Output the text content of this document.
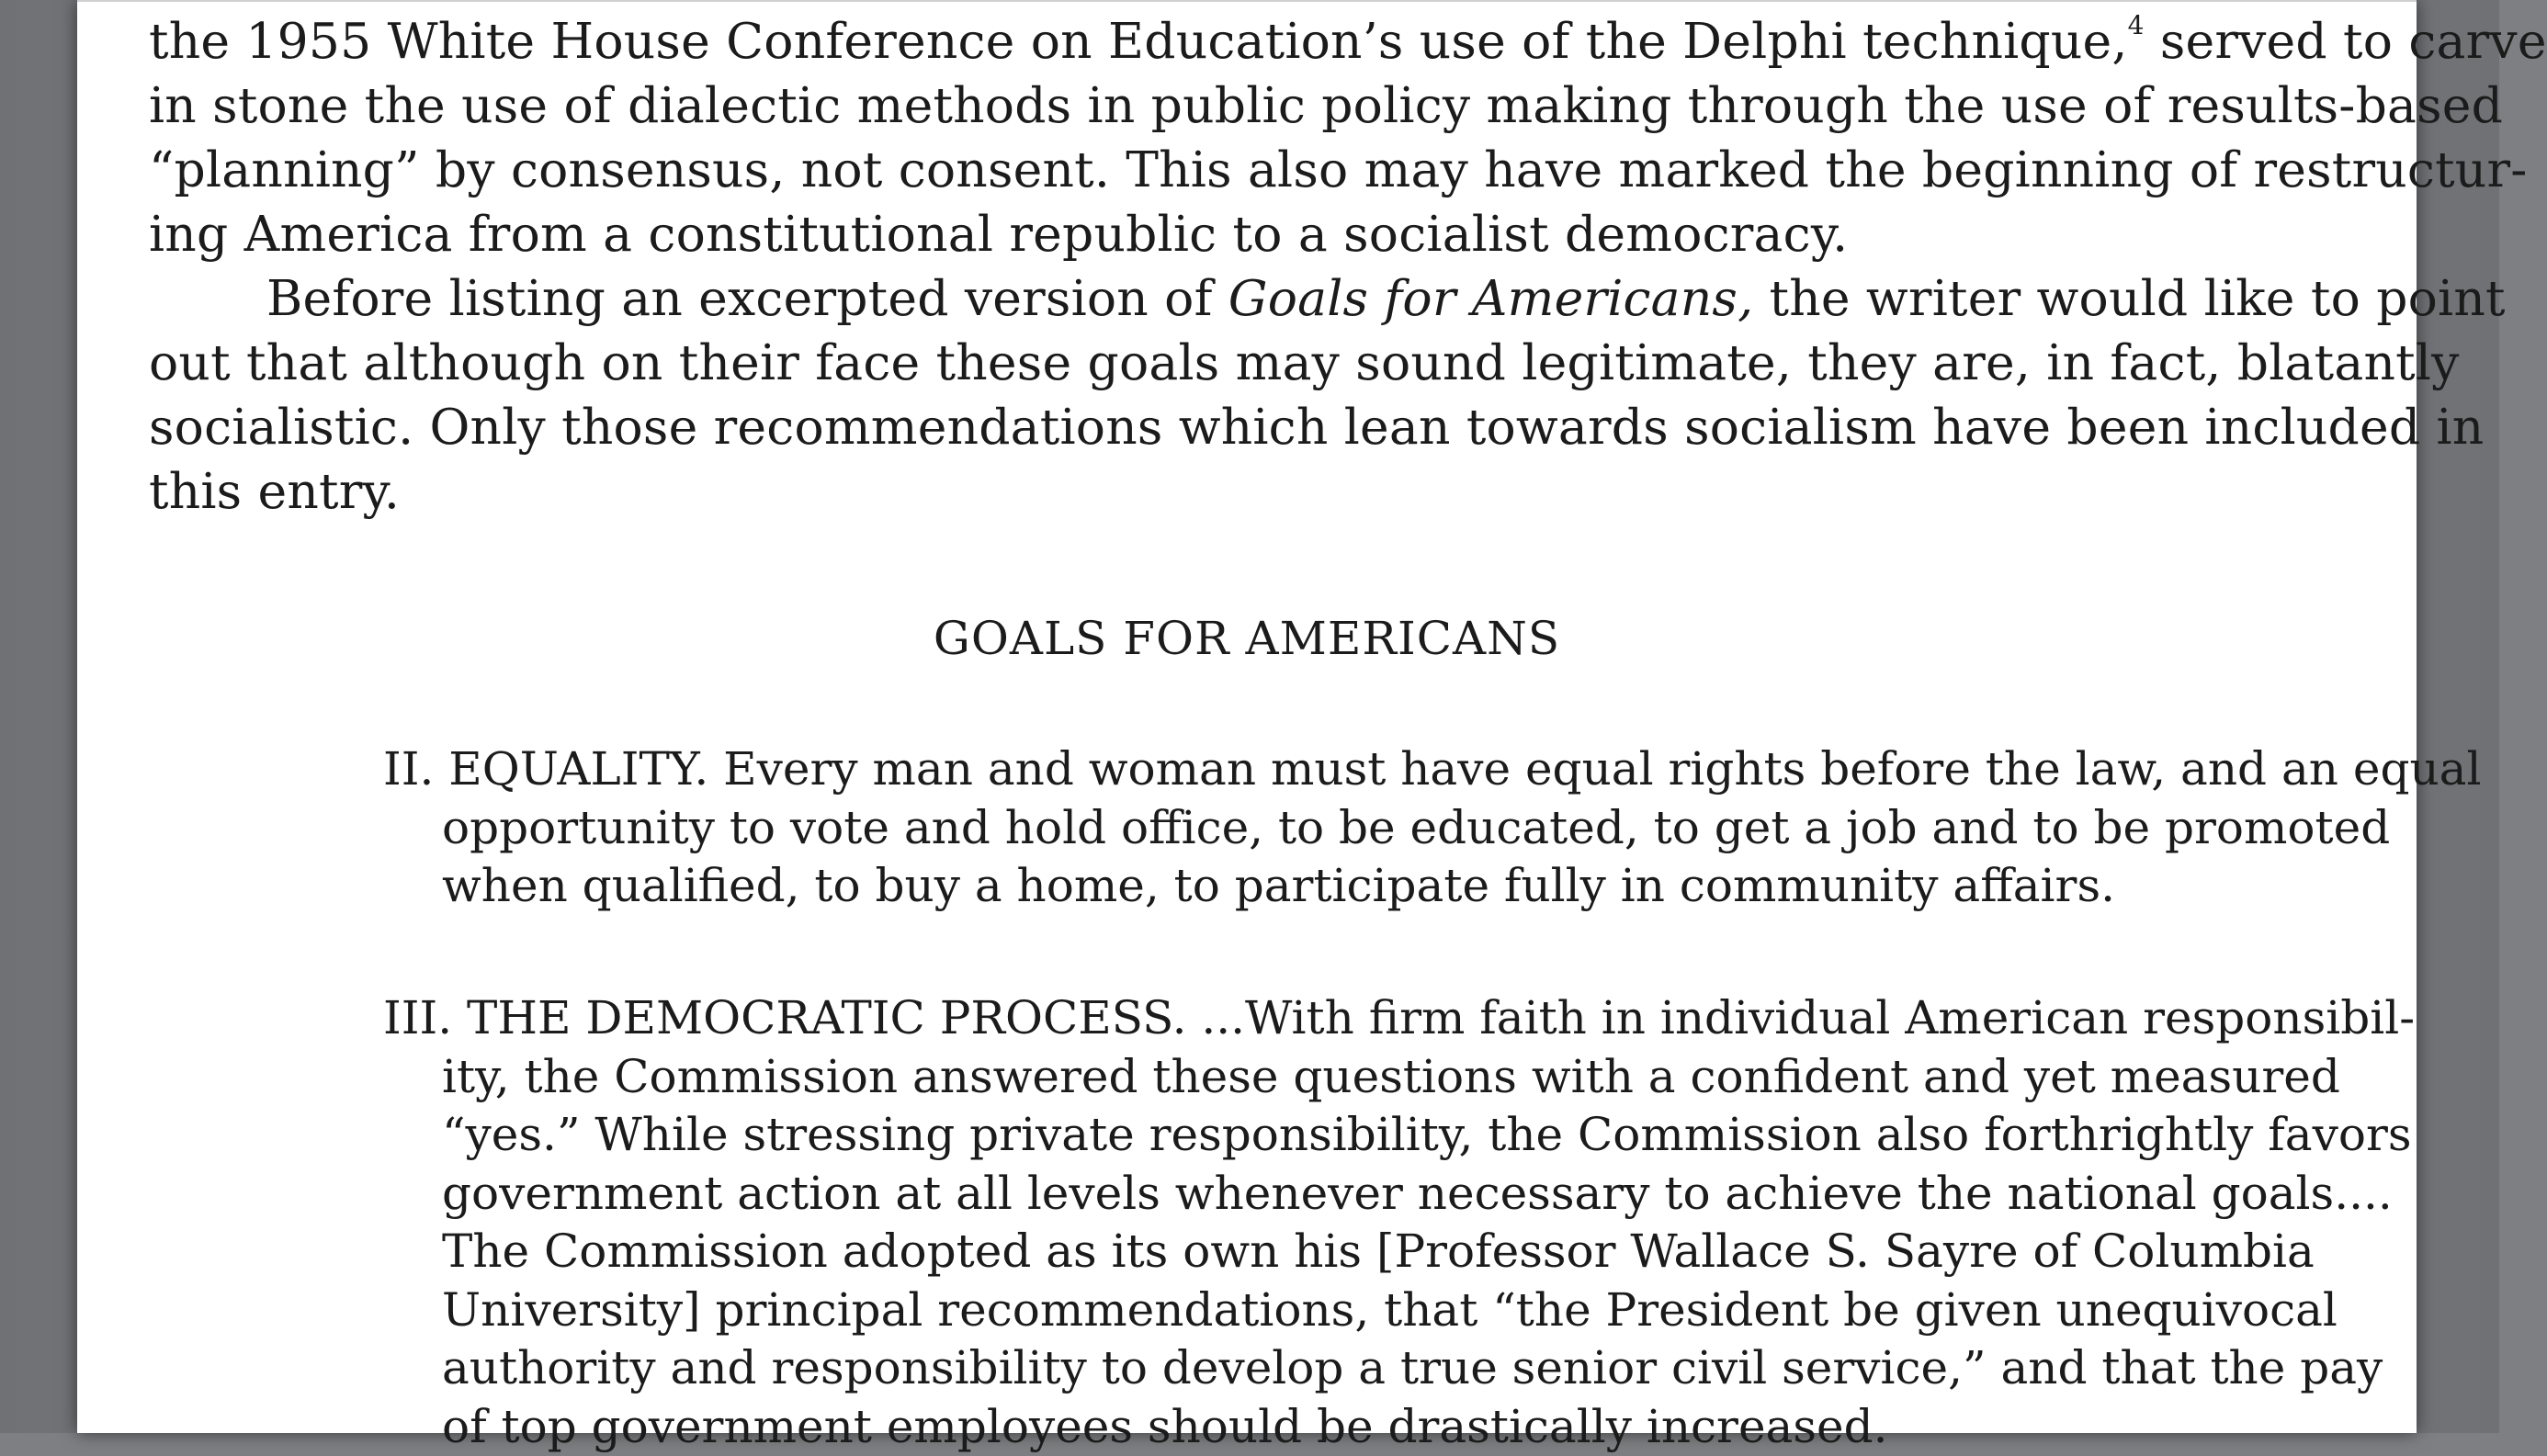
the 1955 White House Conference on Education’s use of the Delphi technique,$^4$ served to carve
in stone the use of dialectic methods in public policy making through the use of results-based
“planning” by consensus, not consent. This also may have marked the beginning of restructur-
ing America from a constitutional republic to a socialist democracy.
Before listing an excerpted version of Goals for Americans, the writer would like to point
out that although on their face these goals may sound legitimate, they are, in fact, blatantly
socialistic. Only those recommendations which lean towards socialism have been included in
this entry.
GOALS FOR AMERICANS
II. EQUALITY. Every man and woman must have equal rights before the law, and an equal
opportunity to vote and hold office, to be educated, to get a job and to be promoted
when qualified, to buy a home, to participate fully in community affairs.
III. THE DEMOCRATIC PROCESS. ...With firm faith in individual American responsibil-
ity, the Commission answered these questions with a confident and yet measured
“yes.” While stressing private responsibility, the Commission also forthrightly favors
government action at all levels whenever necessary to achieve the national goals....
The Commission adopted as its own his [Professor Wallace S. Sayre of Columbia
University] principal recommendations, that “the President be given unequivocal
authority and responsibility to develop a true senior civil service,” and that the pay
of top government employees should be drastically increased.
